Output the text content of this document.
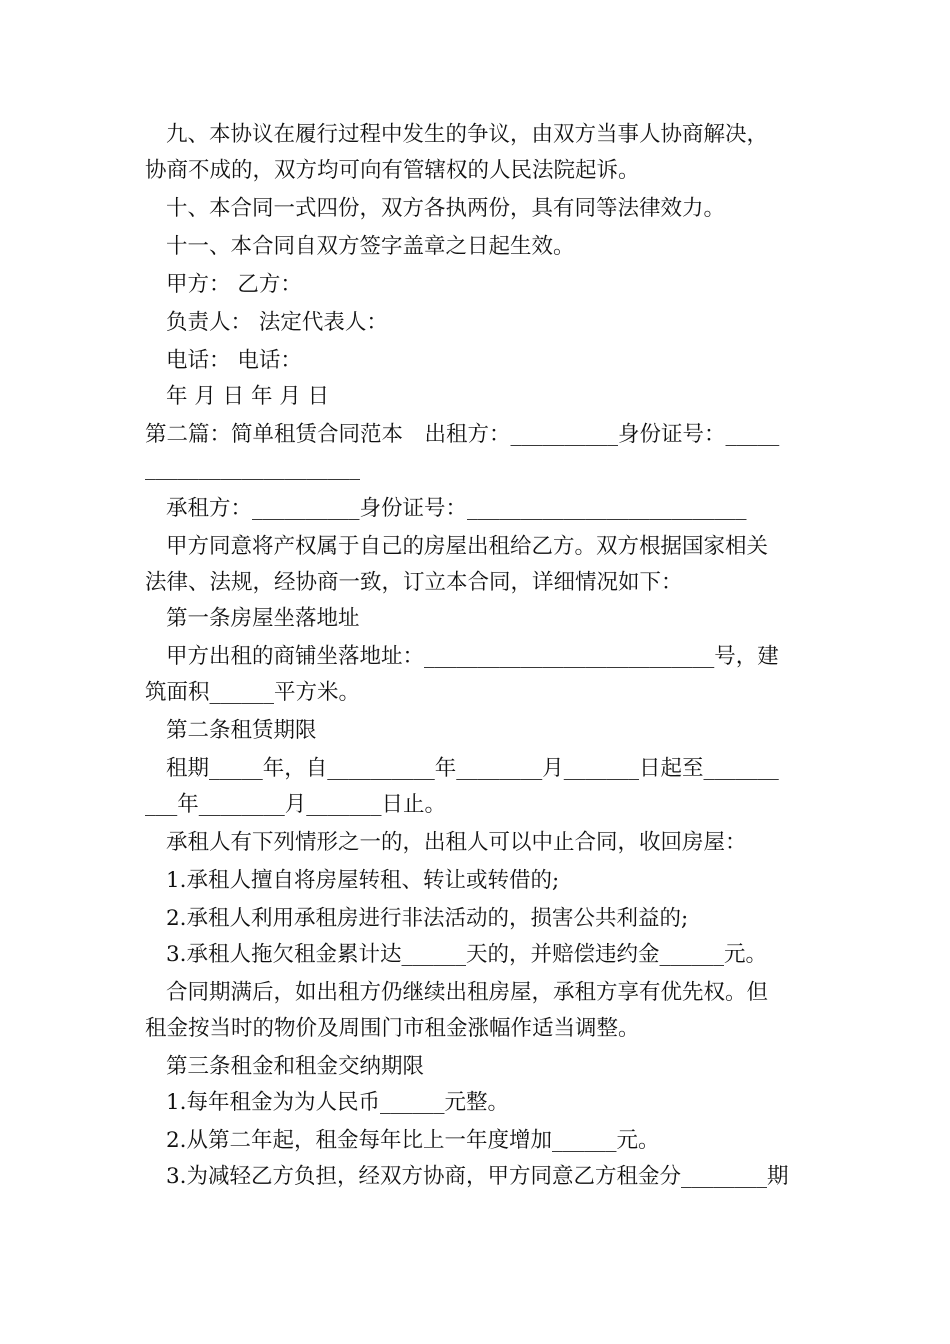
九、本协议在履行过程中发生的争议，由双方当事人协商解决，
协商不成的，双方均可向有管辖权的人民法院起诉。
十、本合同一式四份，双方各执两份，具有同等法律效力。
十一、本合同自双方签字盖章之日起生效。
甲方： 乙方：
负责人： 法定代表人：
电话： 电话：
年 月 日 年 月 日
第二篇：简单租赁合同范本　出租方：__________身份证号：_____
____________________
承租方：__________身份证号：__________________________
甲方同意将产权属于自己的房屋出租给乙方。双方根据国家相关
法律、法规，经协商一致，订立本合同，详细情况如下：
第一条房屋坐落地址
甲方出租的商铺坐落地址：___________________________号，建
筑面积______平方米。
第二条租赁期限
租期_____年，自__________年________月_______日起至_______
___年________月_______日止。
承租人有下列情形之一的，出租人可以中止合同，收回房屋：
1.承租人擅自将房屋转租、转让或转借的;
2.承租人利用承租房进行非法活动的，损害公共利益的;
3.承租人拖欠租金累计达______天的，并赔偿违约金______元。
合同期满后，如出租方仍继续出租房屋，承租方享有优先权。但
租金按当时的物价及周围门市租金涨幅作适当调整。
第三条租金和租金交纳期限
1.每年租金为为人民币______元整。
2.从第二年起，租金每年比上一年度增加______元。
3.为减轻乙方负担，经双方协商，甲方同意乙方租金分________期
